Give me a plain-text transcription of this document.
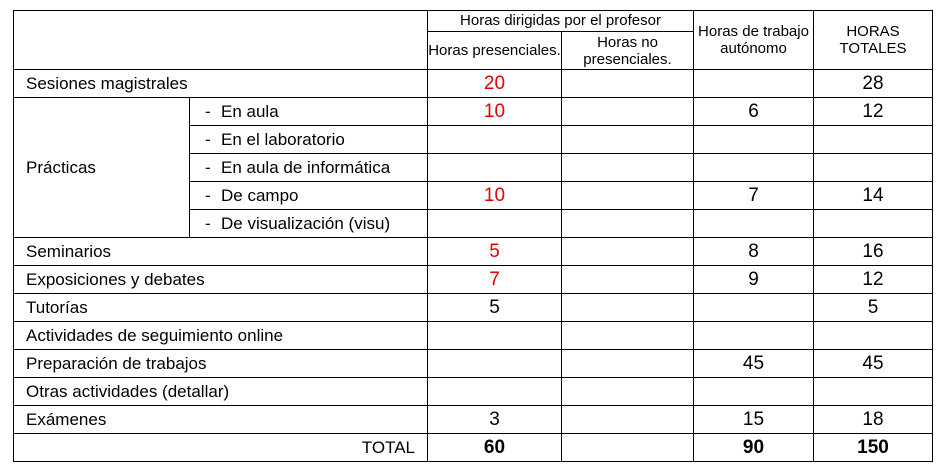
		Horas dirigidas por el profesor		Horas de trabajo autónomo	HORAS TOTALES
		Horas presenciales.	Horas no presenciales.		
Sesiones magistrales		20			28
Prácticas	- En aula	10		6	12
	- En el laboratorio				
	- En aula de informática				
	- De campo	10		7	14
	- De visualización (visu)				
Seminarios		5		8	16
Exposiciones y debates		7		9	12
Tutorías		5			5
Actividades de seguimiento online					
Preparación de trabajos				45	45
Otras actividades (detallar)					
Exámenes		3		15	18
TOTAL		60		90	150
